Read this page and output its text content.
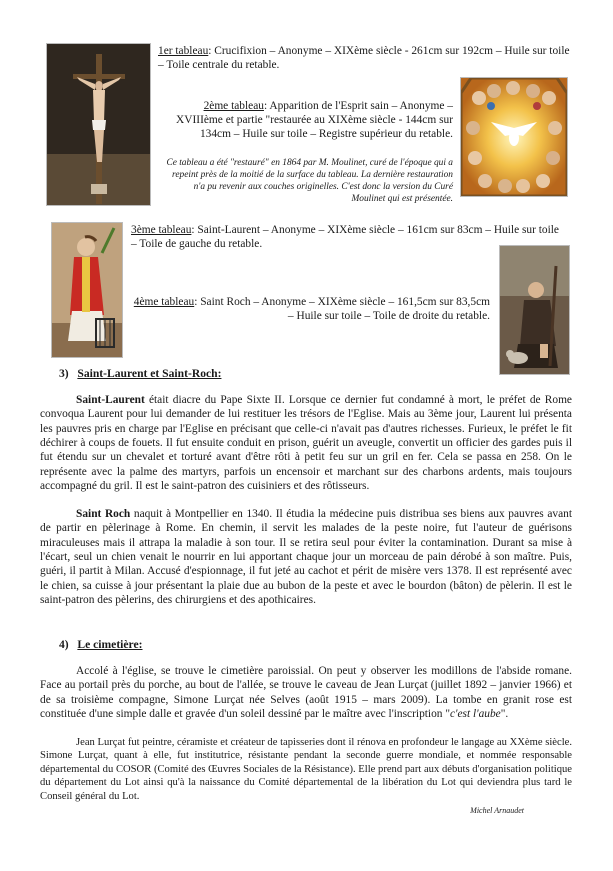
1er tableau: Crucifixion – Anonyme – XIXème siècle - 261cm sur 192cm – Huile sur toile – Toile centrale du retable.
2ème tableau: Apparition de l'Esprit sain – Anonyme – XVIIIème et partie "restaurée au XIXème siècle - 144cm sur 134cm – Huile sur toile – Registre supérieur du retable.
Ce tableau a été "restauré" en 1864 par M. Moulinet, curé de l'époque qui a repeint près de la moitié de la surface du tableau. La dernière restauration n'a pu revenir aux couches originelles. C'est donc la version du Curé Moulinet qui est présentée.
3ème tableau: Saint-Laurent – Anonyme – XIXème siècle – 161cm sur 83cm – Huile sur toile – Toile de gauche du retable.
4ème tableau: Saint Roch – Anonyme – XIXème siècle – 161,5cm sur 83,5cm – Huile sur toile – Toile de droite du retable.
3) Saint-Laurent et Saint-Roch:
Saint-Laurent était diacre du Pape Sixte II. Lorsque ce dernier fut condamné à mort, le préfet de Rome convoqua Laurent pour lui demander de lui restituer les trésors de l'Eglise. Mais au 3ème jour, Laurent lui présenta les pauvres pris en charge par l'Eglise en précisant que celle-ci n'avait pas d'autres richesses. Furieux, le préfet le fit déchirer à coups de fouets. Il fut ensuite conduit en prison, guérit un aveugle, convertit un officier des gardes puis il fut étendu sur un chevalet et torturé avant d'être rôti à petit feu sur un gril en fer. Cela se passa en 258. On le représente avec la palme des martyrs, parfois un encensoir et marchant sur des charbons ardents, mais toujours accompagné du gril. Il est le saint-patron des cuisiniers et des rôtisseurs.
Saint Roch naquit à Montpellier en 1340. Il étudia la médecine puis distribua ses biens aux pauvres avant de partir en pèlerinage à Rome. En chemin, il servit les malades de la peste noire, fut l'auteur de guérisons miraculeuses mais il attrapa la maladie à son tour. Il se retira seul pour éviter la contamination. Durant sa mise à l'écart, seul un chien venait le nourrir en lui apportant chaque jour un morceau de pain dérobé à son maître. Puis, guéri, il partit à Milan. Accusé d'espionnage, il fut jeté au cachot et périt de misère vers 1378. Il est représenté avec le chien, sa cuisse à jour présentant la plaie due au bubon de la peste et avec le bourdon (bâton) de pèlerin. Il est le saint-patron des pèlerins, des chirurgiens et des apothicaires.
4) Le cimetière:
Accolé à l'église, se trouve le cimetière paroissial. On peut y observer les modillons de l'abside romane. Face au portail près du porche, au bout de l'allée, se trouve le caveau de Jean Lurçat (juillet 1892 – janvier 1966) et de sa troisième compagne, Simone Lurçat née Selves (août 1915 – mars 2009). La tombe en granit rose est constituée d'une simple dalle et gravée d'un soleil dessiné par le maître avec l'inscription "c'est l'aube".
Jean Lurçat fut peintre, céramiste et créateur de tapisseries dont il rénova en profondeur le langage au XXème siècle. Simone Lurçat, quant à elle, fut institutrice, résistante pendant la seconde guerre mondiale, et nommée responsable départemental du COSOR (Comité des Œuvres Sociales de la Résistance). Elle prend part aux débuts d'organisation politique du département du Lot ainsi qu'à la naissance du Comité départemental de la libération du Lot qui deviendra plus tard le Conseil général du Lot.
Michel Arnaudet
